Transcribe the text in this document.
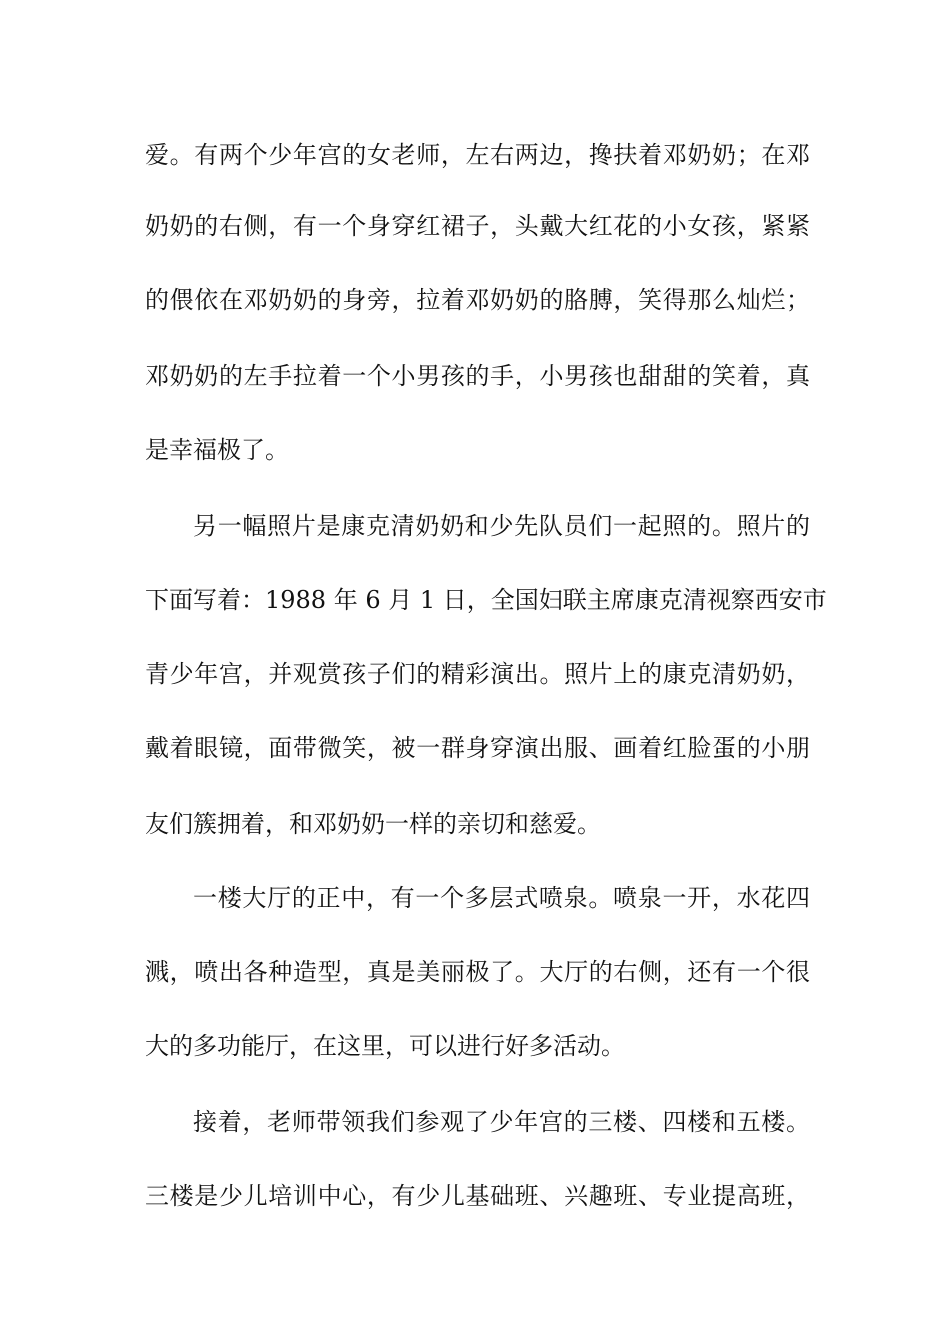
爱。有两个少年宫的女老师，左右两边，搀扶着邓奶奶；在邓
奶奶的右侧，有一个身穿红裙子，头戴大红花的小女孩，紧紧
的偎依在邓奶奶的身旁，拉着邓奶奶的胳膊，笑得那么灿烂；
邓奶奶的左手拉着一个小男孩的手，小男孩也甜甜的笑着，真
是幸福极了。
另一幅照片是康克清奶奶和少先队员们一起照的。照片的
下面写着：1988 年 6 月 1 日，全国妇联主席康克清视察西安市
青少年宫，并观赏孩子们的精彩演出。照片上的康克清奶奶，
戴着眼镜，面带微笑，被一群身穿演出服、画着红脸蛋的小朋
友们簇拥着，和邓奶奶一样的亲切和慈爱。
一楼大厅的正中，有一个多层式喷泉。喷泉一开，水花四
溅，喷出各种造型，真是美丽极了。大厅的右侧，还有一个很
大的多功能厅，在这里，可以进行好多活动。
接着，老师带领我们参观了少年宫的三楼、四楼和五楼。
三楼是少儿培训中心，有少儿基础班、兴趣班、专业提高班，
